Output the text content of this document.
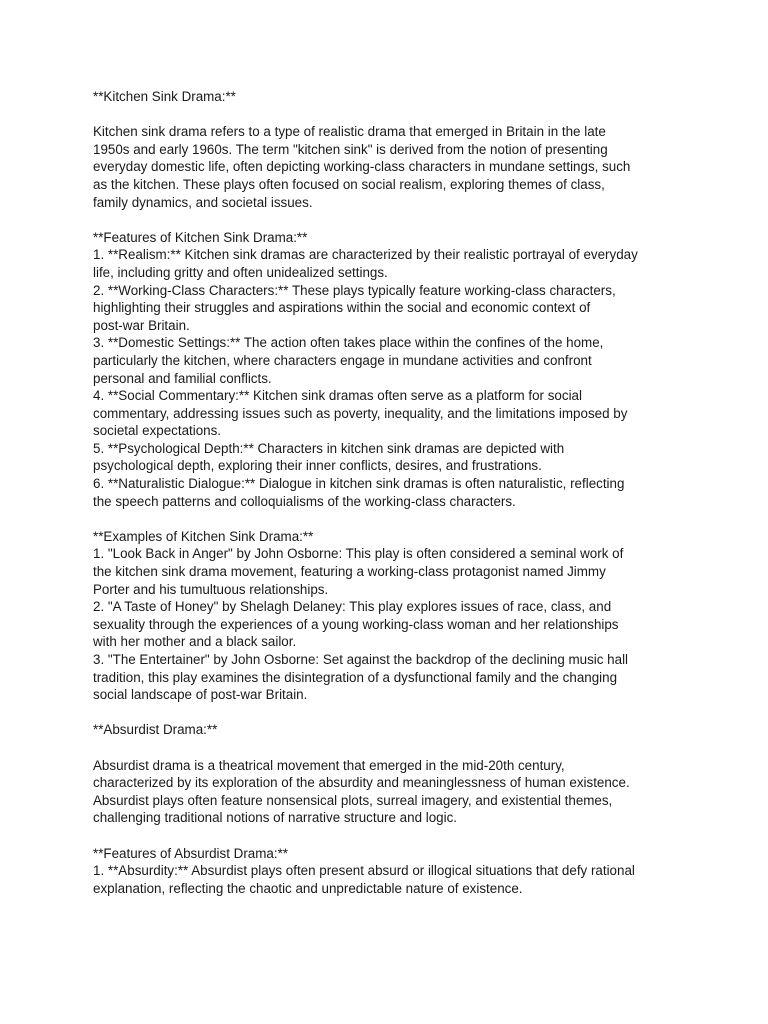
**Kitchen Sink Drama:**
Kitchen sink drama refers to a type of realistic drama that emerged in Britain in the late
1950s and early 1960s. The term "kitchen sink" is derived from the notion of presenting
everyday domestic life, often depicting working-class characters in mundane settings, such
as the kitchen. These plays often focused on social realism, exploring themes of class,
family dynamics, and societal issues.
**Features of Kitchen Sink Drama:**
1. **Realism:** Kitchen sink dramas are characterized by their realistic portrayal of everyday
life, including gritty and often unidealized settings.
2. **Working-Class Characters:** These plays typically feature working-class characters,
highlighting their struggles and aspirations within the social and economic context of
post-war Britain.
3. **Domestic Settings:** The action often takes place within the confines of the home,
particularly the kitchen, where characters engage in mundane activities and confront
personal and familial conflicts.
4. **Social Commentary:** Kitchen sink dramas often serve as a platform for social
commentary, addressing issues such as poverty, inequality, and the limitations imposed by
societal expectations.
5. **Psychological Depth:** Characters in kitchen sink dramas are depicted with
psychological depth, exploring their inner conflicts, desires, and frustrations.
6. **Naturalistic Dialogue:** Dialogue in kitchen sink dramas is often naturalistic, reflecting
the speech patterns and colloquialisms of the working-class characters.
**Examples of Kitchen Sink Drama:**
1. "Look Back in Anger" by John Osborne: This play is often considered a seminal work of
the kitchen sink drama movement, featuring a working-class protagonist named Jimmy
Porter and his tumultuous relationships.
2. "A Taste of Honey" by Shelagh Delaney: This play explores issues of race, class, and
sexuality through the experiences of a young working-class woman and her relationships
with her mother and a black sailor.
3. "The Entertainer" by John Osborne: Set against the backdrop of the declining music hall
tradition, this play examines the disintegration of a dysfunctional family and the changing
social landscape of post-war Britain.
**Absurdist Drama:**
Absurdist drama is a theatrical movement that emerged in the mid-20th century,
characterized by its exploration of the absurdity and meaninglessness of human existence.
Absurdist plays often feature nonsensical plots, surreal imagery, and existential themes,
challenging traditional notions of narrative structure and logic.
**Features of Absurdist Drama:**
1. **Absurdity:** Absurdist plays often present absurd or illogical situations that defy rational
explanation, reflecting the chaotic and unpredictable nature of existence.
